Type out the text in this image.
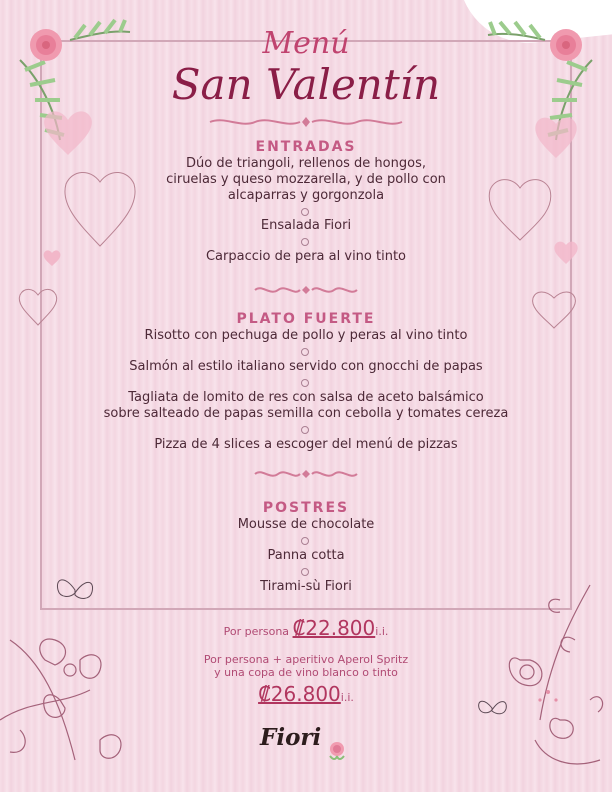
Menú
San Valentín
ENTRADAS
Dúo de triangoli, rellenos de hongos,
ciruelas y queso mozzarella, y de pollo con
alcaparras y gorgonzola
Ensalada Fiori
Carpaccio de pera al vino tinto
PLATO FUERTE
Risotto con pechuga de pollo y peras al vino tinto
Salmón al estilo italiano servido con gnocchi de papas
Tagliata de lomito de res con salsa de aceto balsámico
sobre salteado de papas semilla con cebolla y tomates cereza
Pizza de 4 slices a escoger del menú de pizzas
POSTRES
Mousse de chocolate
Panna cotta
Tirami-sù Fiori
Por persona ₡22.800i.i.
Por persona + aperitivo Aperol Spritz
y una copa de vino blanco o tinto
₡26.800i.i.
Fiori
